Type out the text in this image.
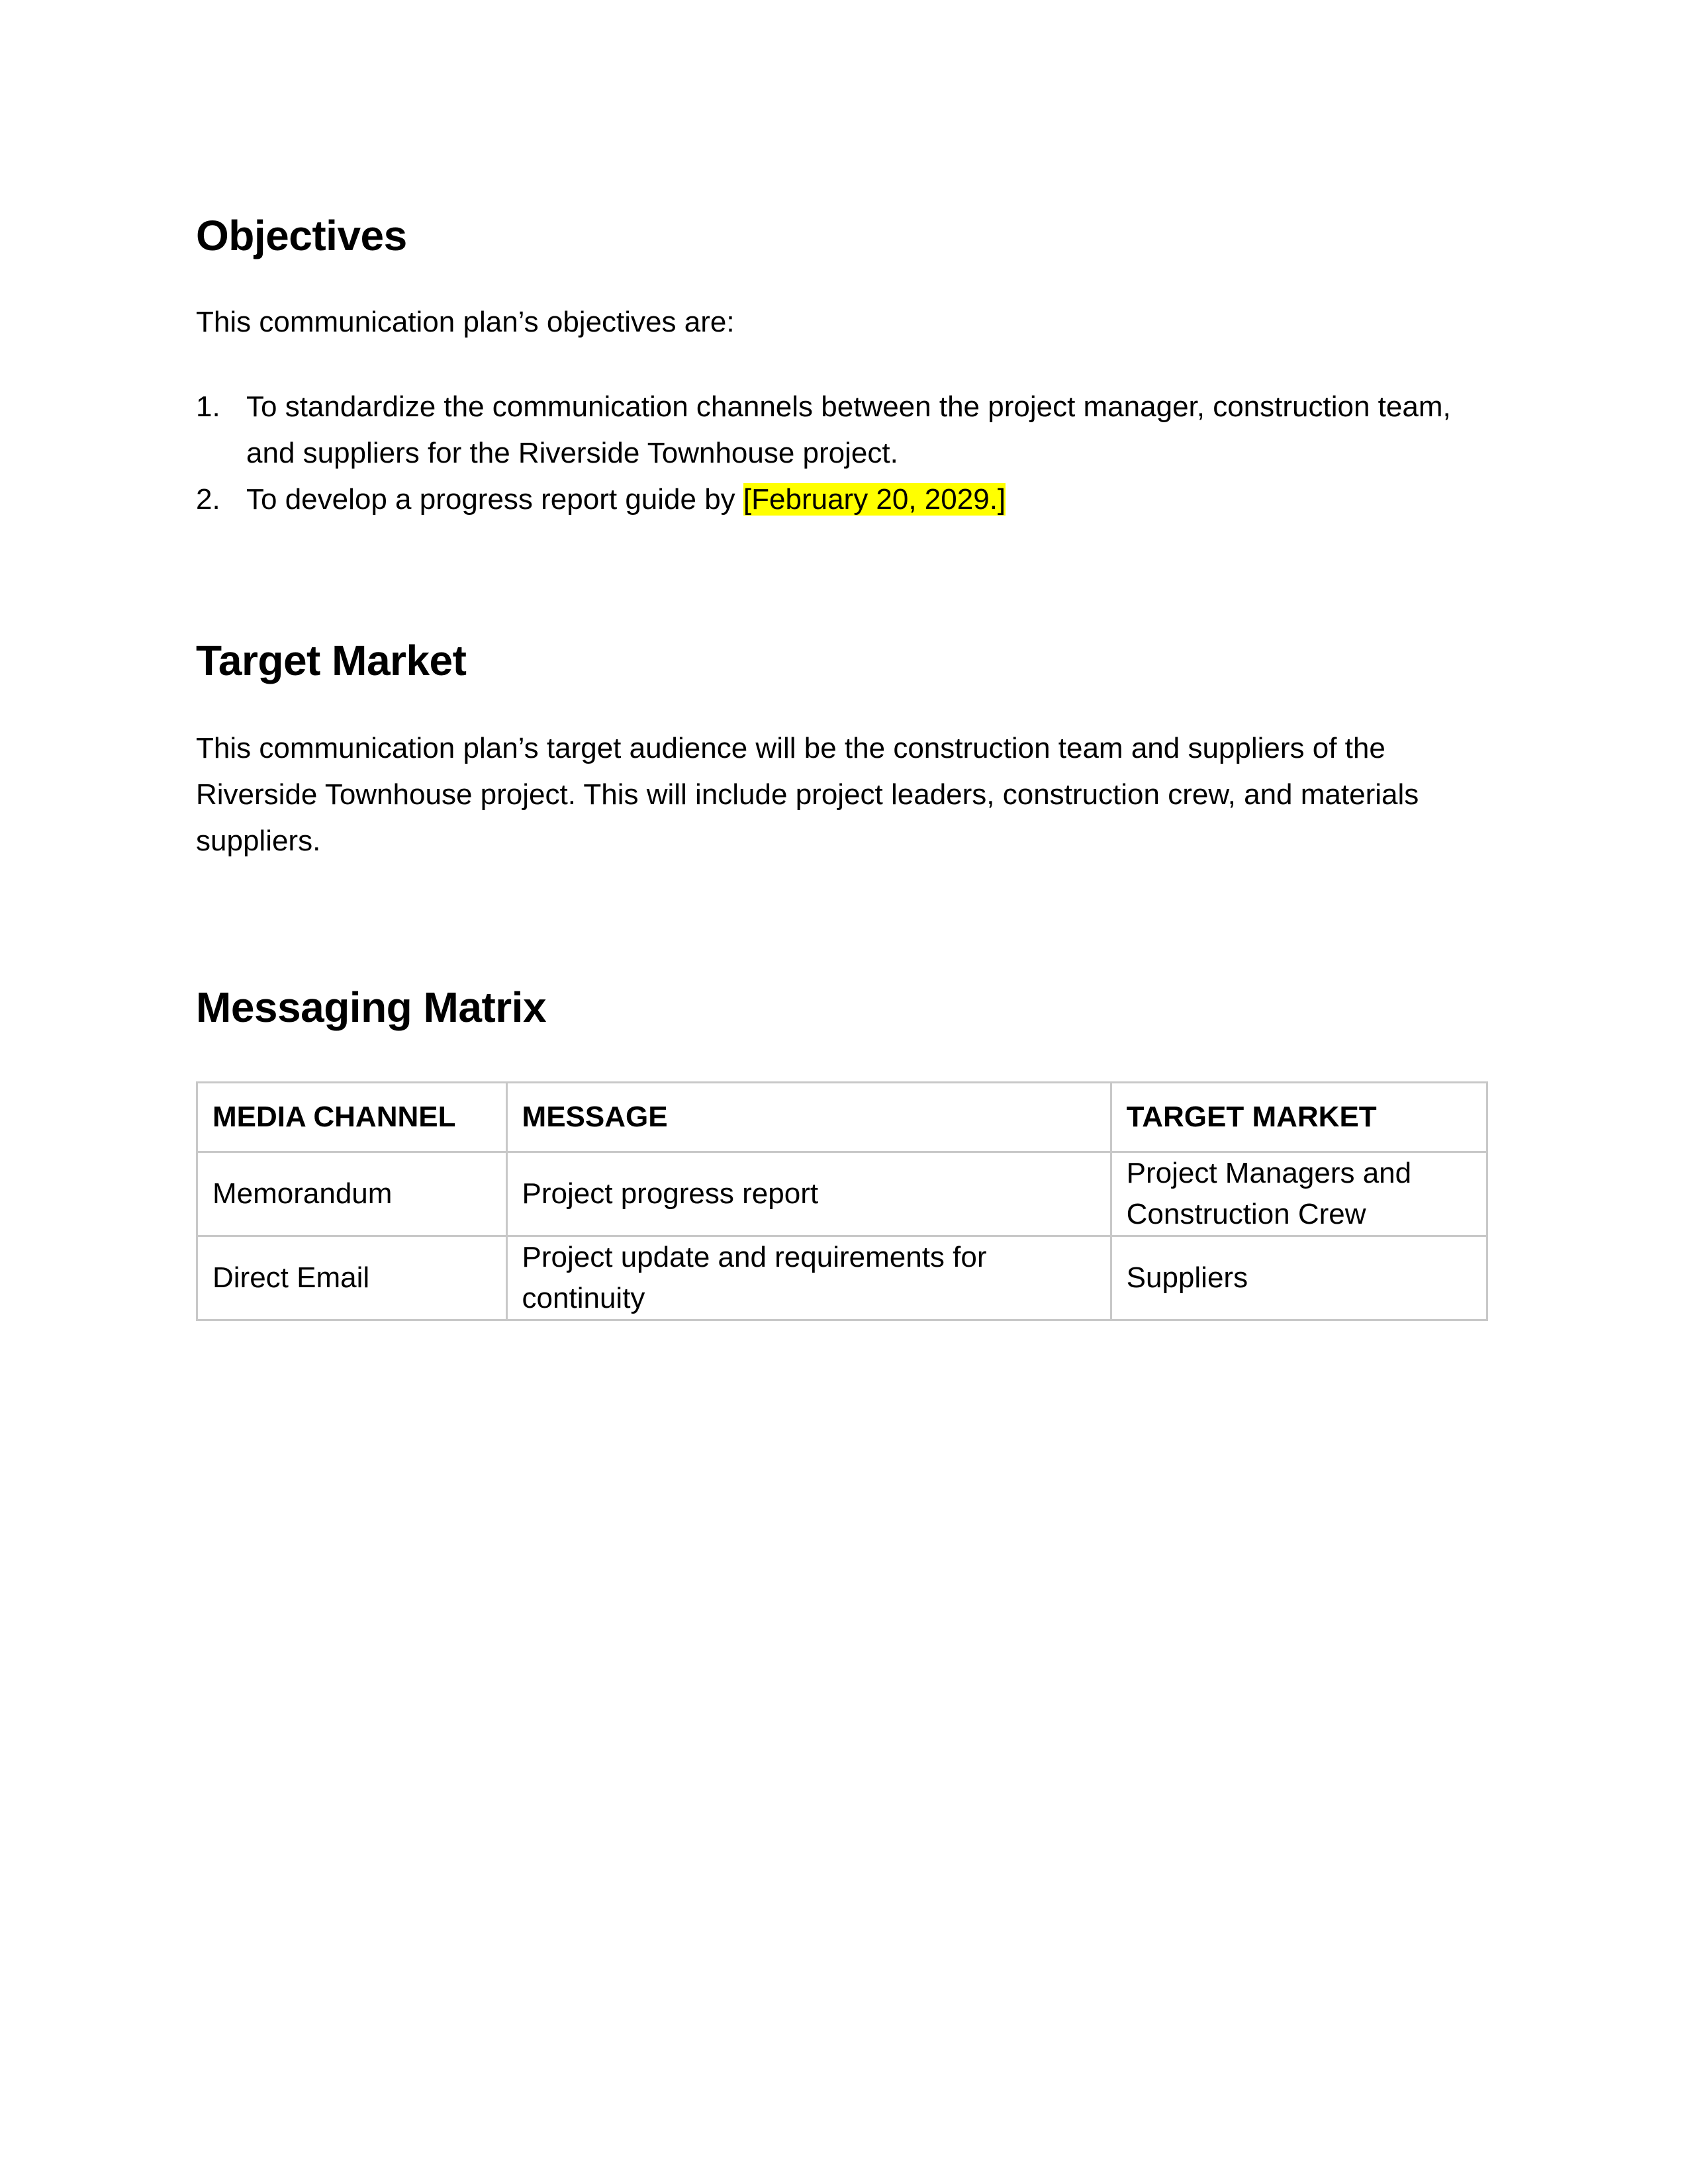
Objectives

This communication plan’s objectives are:

1. To standardize the communication channels between the project manager, construction team, and suppliers for the Riverside Townhouse project.
2. To develop a progress report guide by [February 20, 2029.]
Target Market

This communication plan’s target audience will be the construction team and suppliers of the Riverside Townhouse project. This will include project leaders, construction crew, and materials suppliers.

Messaging Matrix
MEDIA CHANNEL	MESSAGE	TARGET MARKET
Memorandum	Project progress report	Project Managers and Construction Crew
Direct Email	Project update and requirements for continuity	Suppliers
